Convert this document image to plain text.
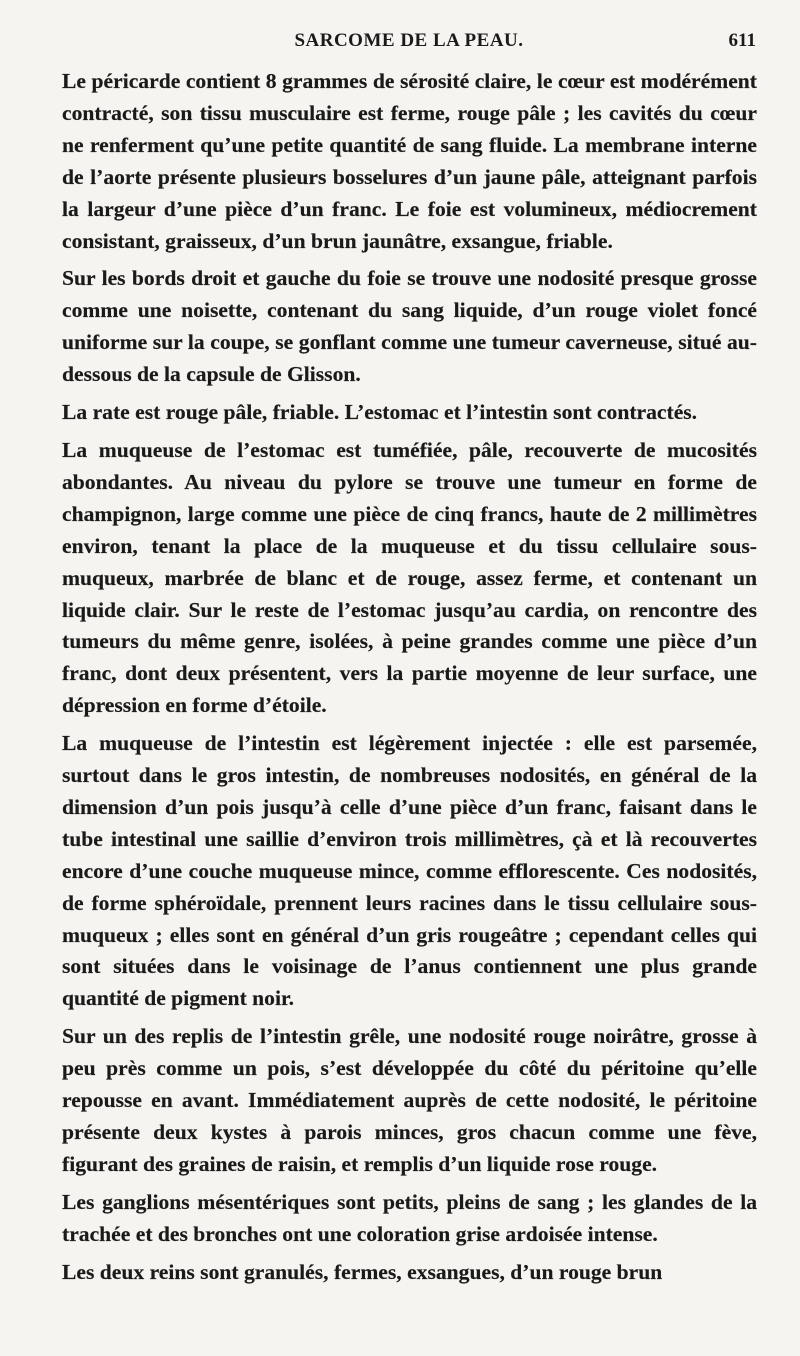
SARCOME DE LA PEAU.	611

Le péricarde contient 8 grammes de sérosité claire, le cœur est modérément contracté, son tissu musculaire est ferme, rouge pâle ; les cavités du cœur ne renferment qu’une petite quantité de sang fluide. La membrane interne de l’aorte présente plusieurs bosselures d’un jaune pâle, atteignant parfois la largeur d’une pièce d’un franc. Le foie est volumineux, médiocrement consistant, graisseux, d’un brun jaunâtre, exsangue, friable.

Sur les bords droit et gauche du foie se trouve une nodosité presque grosse comme une noisette, contenant du sang liquide, d’un rouge violet foncé uniforme sur la coupe, se gonflant comme une tumeur caverneuse, situé au-dessous de la capsule de Glisson.

La rate est rouge pâle, friable. L’estomac et l’intestin sont contractés.

La muqueuse de l’estomac est tuméfiée, pâle, recouverte de mucosités abondantes. Au niveau du pylore se trouve une tumeur en forme de champignon, large comme une pièce de cinq francs, haute de 2 millimètres environ, tenant la place de la muqueuse et du tissu cellulaire sous-muqueux, marbrée de blanc et de rouge, assez ferme, et contenant un liquide clair. Sur le reste de l’estomac jusqu’au cardia, on rencontre des tumeurs du même genre, isolées, à peine grandes comme une pièce d’un franc, dont deux présentent, vers la partie moyenne de leur surface, une dépression en forme d’étoile.

La muqueuse de l’intestin est légèrement injectée : elle est parsemée, surtout dans le gros intestin, de nombreuses nodosités, en général de la dimension d’un pois jusqu’à celle d’une pièce d’un franc, faisant dans le tube intestinal une saillie d’environ trois millimètres, çà et là recouvertes encore d’une couche muqueuse mince, comme efflorescente. Ces nodosités, de forme sphéroïdale, prennent leurs racines dans le tissu cellulaire sous-muqueux ; elles sont en général d’un gris rougeâtre ; cependant celles qui sont situées dans le voisinage de l’anus contiennent une plus grande quantité de pigment noir.

Sur un des replis de l’intestin grêle, une nodosité rouge noirâtre, grosse à peu près comme un pois, s’est développée du côté du péritoine qu’elle repousse en avant. Immédiatement auprès de cette nodosité, le péritoine présente deux kystes à parois minces, gros chacun comme une fève, figurant des graines de raisin, et remplis d’un liquide rose rouge.

Les ganglions mésentériques sont petits, pleins de sang ; les glandes de la trachée et des bronches ont une coloration grise ardoisée intense.

Les deux reins sont granulés, fermes, exsangues, d’un rouge brun
